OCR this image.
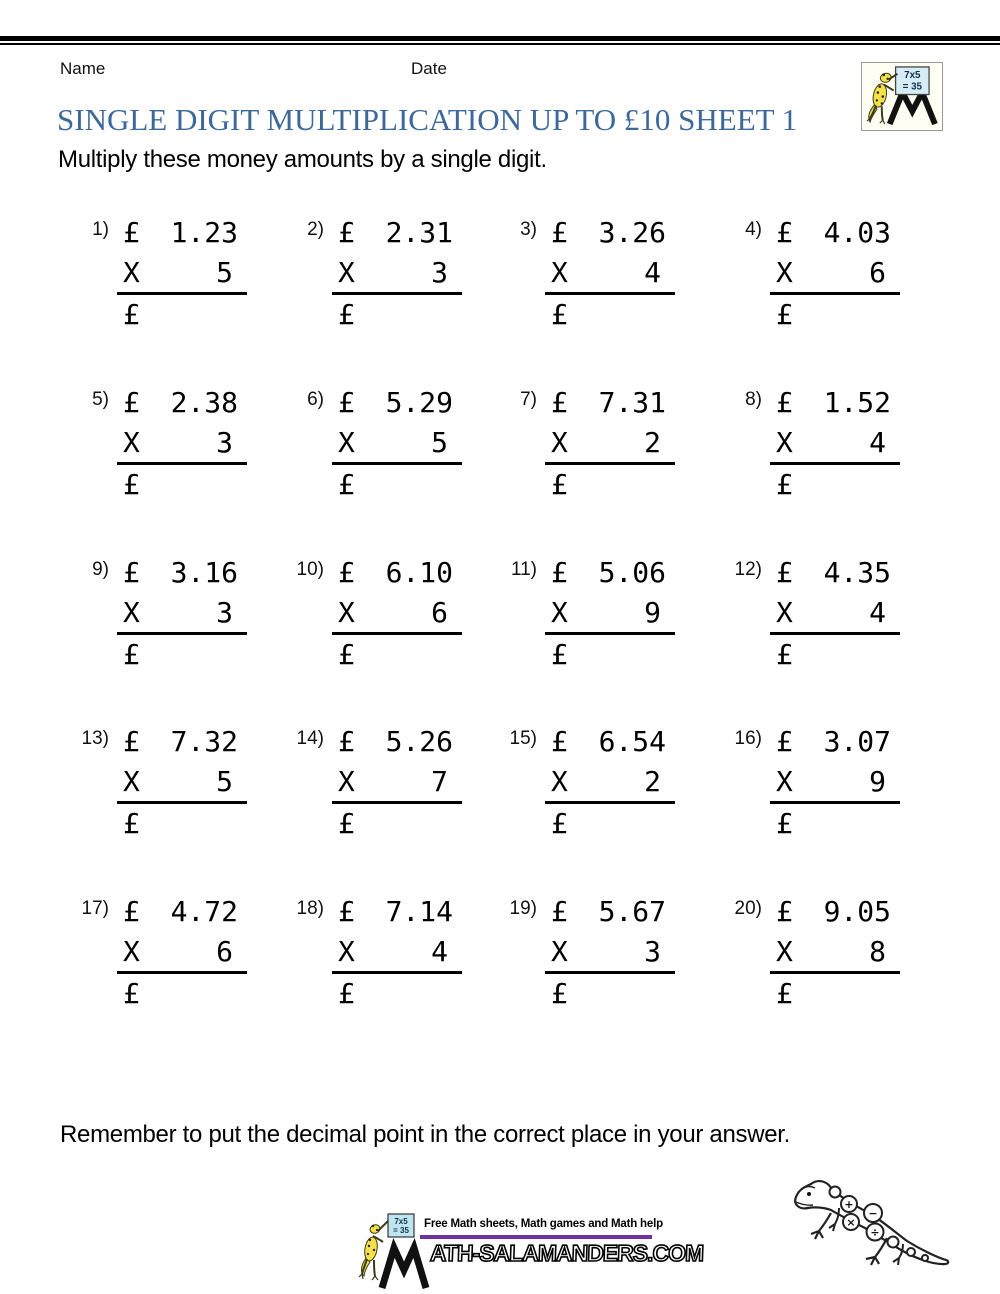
Name	Date	7x5
= 35
SINGLE DIGIT MULTIPLICATION UP TO £10 SHEET 1
Multiply these money amounts by a single digit.
1) £ 1.23
X	5
£
2) £ 2.31
X	3
£
3) £ 3.26
X	4
£
4) £ 4.03
X	6
£
5) £ 2.38
X	3
£
6) £ 5.29
X	5
£
7) £ 7.31
X	2
£
8) £ 1.52
X	4
£
9) £ 3.16
X	3
£
10) £ 6.10
X	6
£
11) £ 5.06
X	9
£
12) £ 4.35
X	4
£
13) £ 7.32
X	5
£
14) £ 5.26
X	7
£
15) £ 6.54
X	2
£
16) £ 3.07
X	9
£
17) £ 4.72
X	6
£
18) £ 7.14
X	4
£
19) £ 5.67
X	3
£
20) £ 9.05
X	8
£
Remember to put the decimal point in the correct place in your answer.
7x5
= 35
Free Math sheets, Math games and Math help
ATH-SALAMANDERS.COM
+
−
×
÷
